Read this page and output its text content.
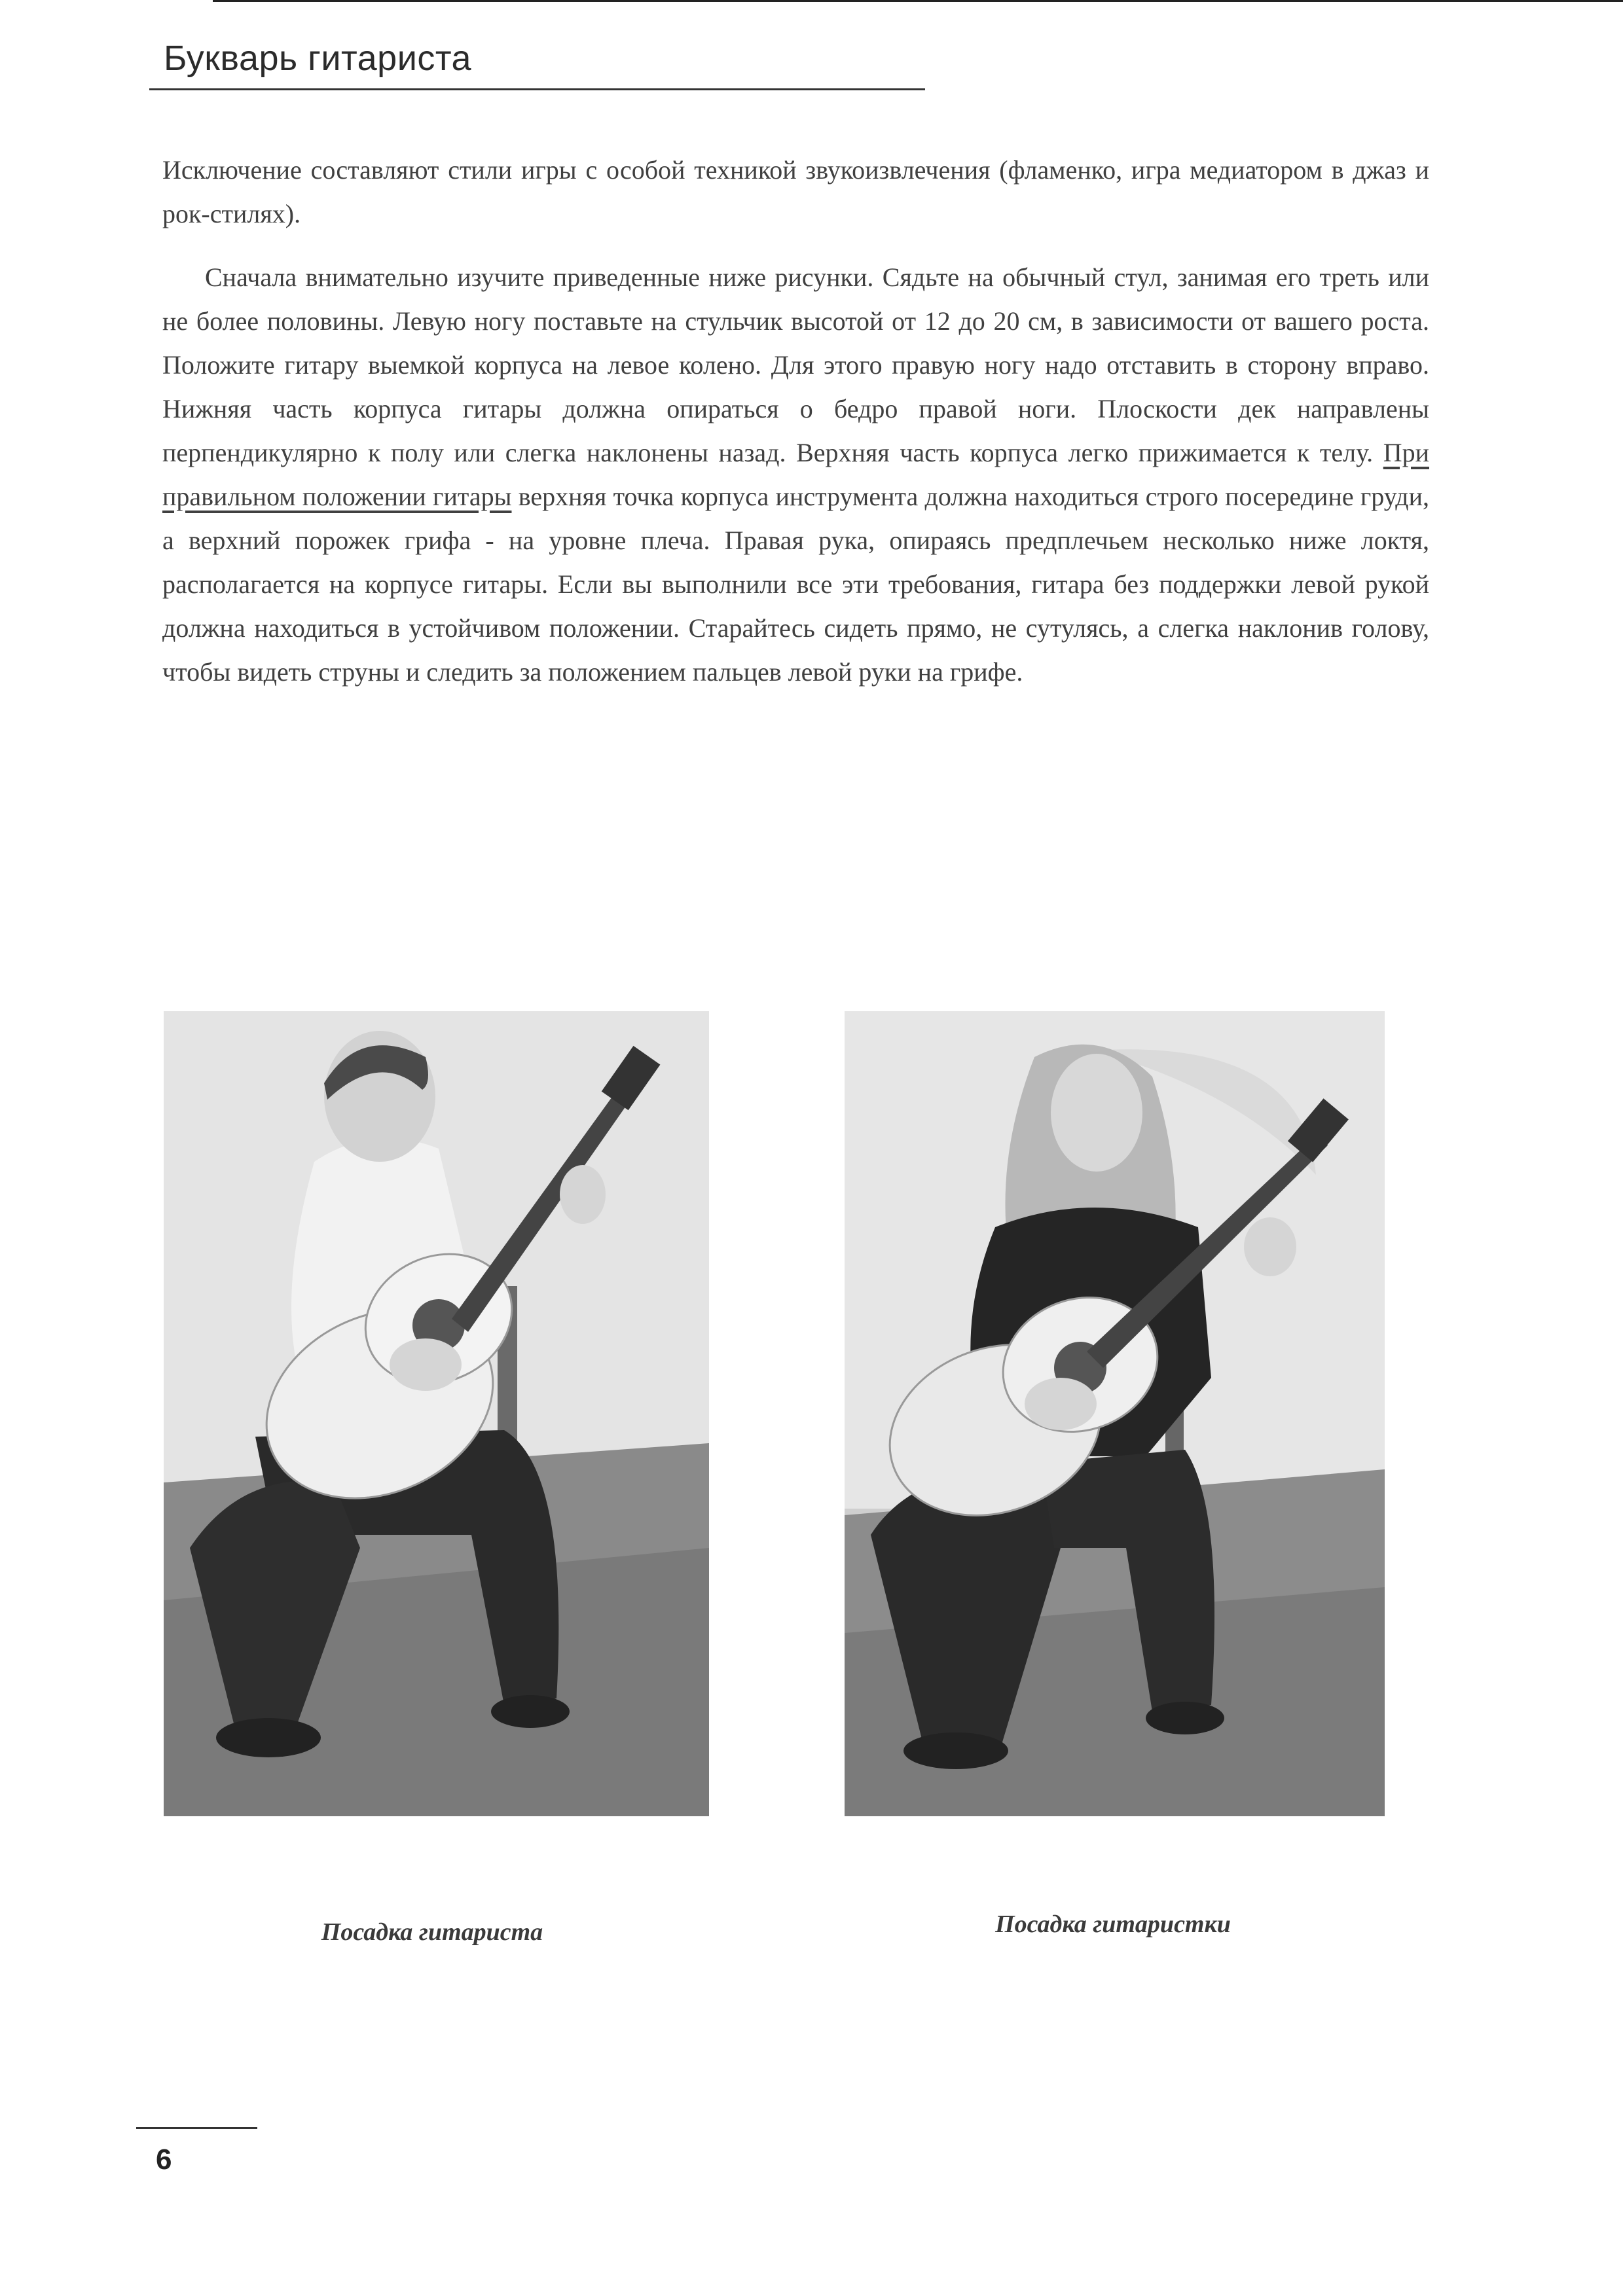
Букварь гитариста

Исключение составляют стили игры с особой техникой звукоизвлечения (фламенко, игра медиатором в джаз и рок-стилях).

Сначала внимательно изучите приведенные ниже рисунки. Сядьте на обычный стул, занимая его треть или не более половины. Левую ногу поставьте на стульчик высотой от 12 до 20 см, в зависимости от вашего роста. Положите гитару выемкой корпуса на левое колено. Для этого правую ногу надо отставить в сторону вправо. Нижняя часть корпуса гитары должна опираться о бедро правой ноги. Плоскости дек направлены перпендикулярно к полу или слегка наклонены назад. Верхняя часть корпуса легко прижимается к телу. При правильном положении гитары верхняя точка корпуса инструмента должна находиться строго посередине груди, а верхний порожек грифа - на уровне плеча. Правая рука, опираясь предплечьем несколько ниже локтя, располагается на корпусе гитары. Если вы выполнили все эти требования, гитара без поддержки левой рукой должна находиться в устойчивом положении. Старайтесь сидеть прямо, не сутулясь, а слегка наклонив голову, чтобы видеть струны и следить за положением пальцев левой руки на грифе.

Посадка гитариста	Посадка гитаристки
6
